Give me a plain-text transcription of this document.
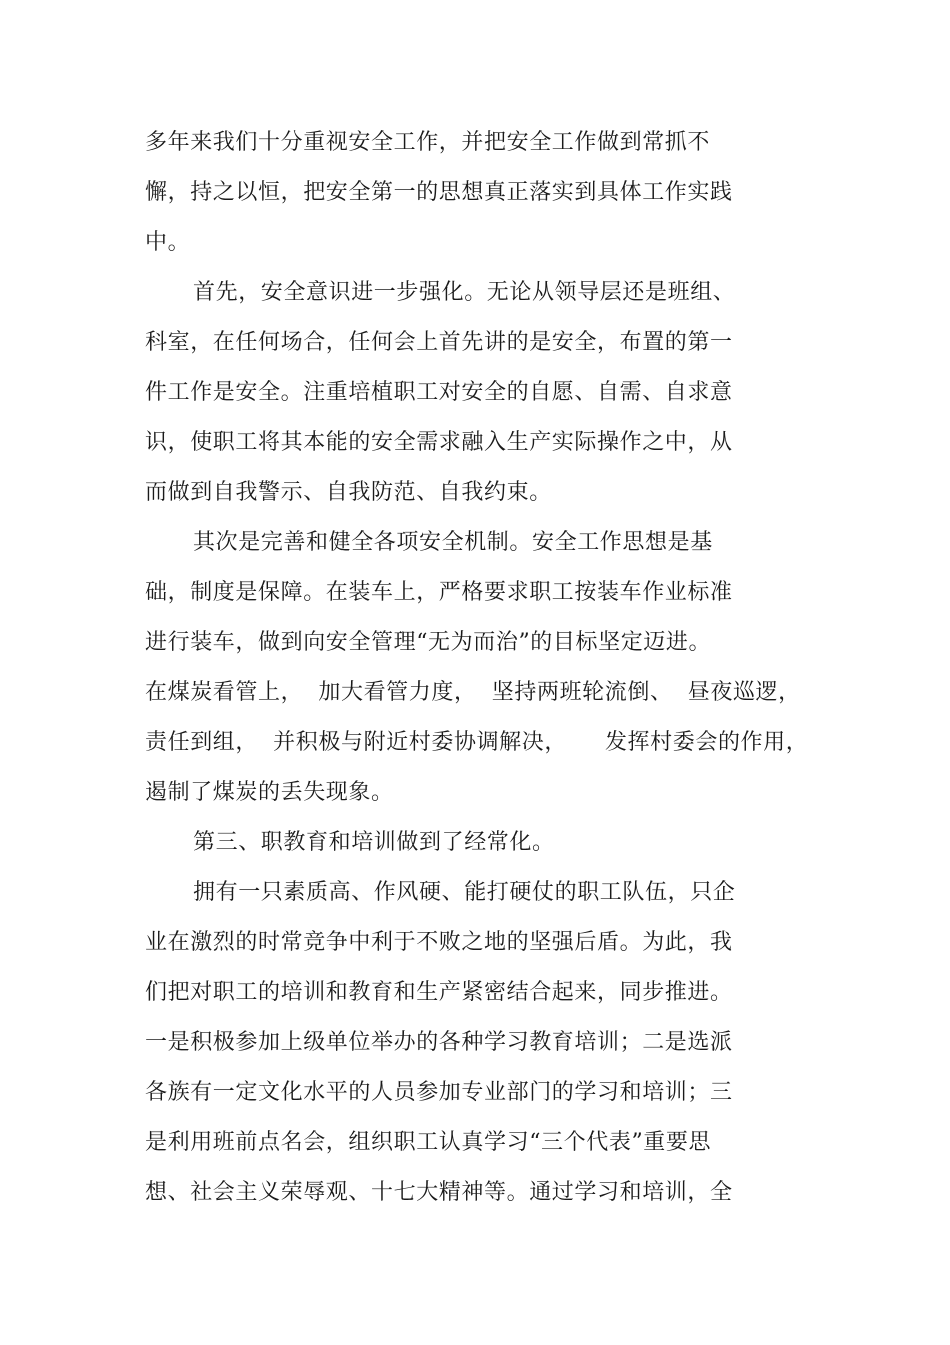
多年来我们十分重视安全工作，并把安全工作做到常抓不
懈，持之以恒，把安全第一的思想真正落实到具体工作实践
中。
首先，安全意识进一步强化。无论从领导层还是班组、
科室，在任何场合，任何会上首先讲的是安全，布置的第一
件工作是安全。注重培植职工对安全的自愿、自需、自求意
识，使职工将其本能的安全需求融入生产实际操作之中，从
而做到自我警示、自我防范、自我约束。
其次是完善和健全各项安全机制。安全工作思想是基
础，制度是保障。在装车上，严格要求职工按装车作业标准
进行装车，做到向安全管理“无为而治”的目标坚定迈进。
在煤炭看管上，  加大看管力度，  坚持两班轮流倒、  昼夜巡逻，
责任到组，  并积极与附近村委协调解决，     发挥村委会的作用，
遏制了煤炭的丢失现象。
第三、职教育和培训做到了经常化。
拥有一只素质高、作风硬、能打硬仗的职工队伍，只企
业在激烈的时常竞争中利于不败之地的坚强后盾。为此，我
们把对职工的培训和教育和生产紧密结合起来，同步推进。
一是积极参加上级单位举办的各种学习教育培训；二是选派
各族有一定文化水平的人员参加专业部门的学习和培训；三
是利用班前点名会，组织职工认真学习“三个代表”重要思
想、社会主义荣辱观、十七大精神等。通过学习和培训，全
